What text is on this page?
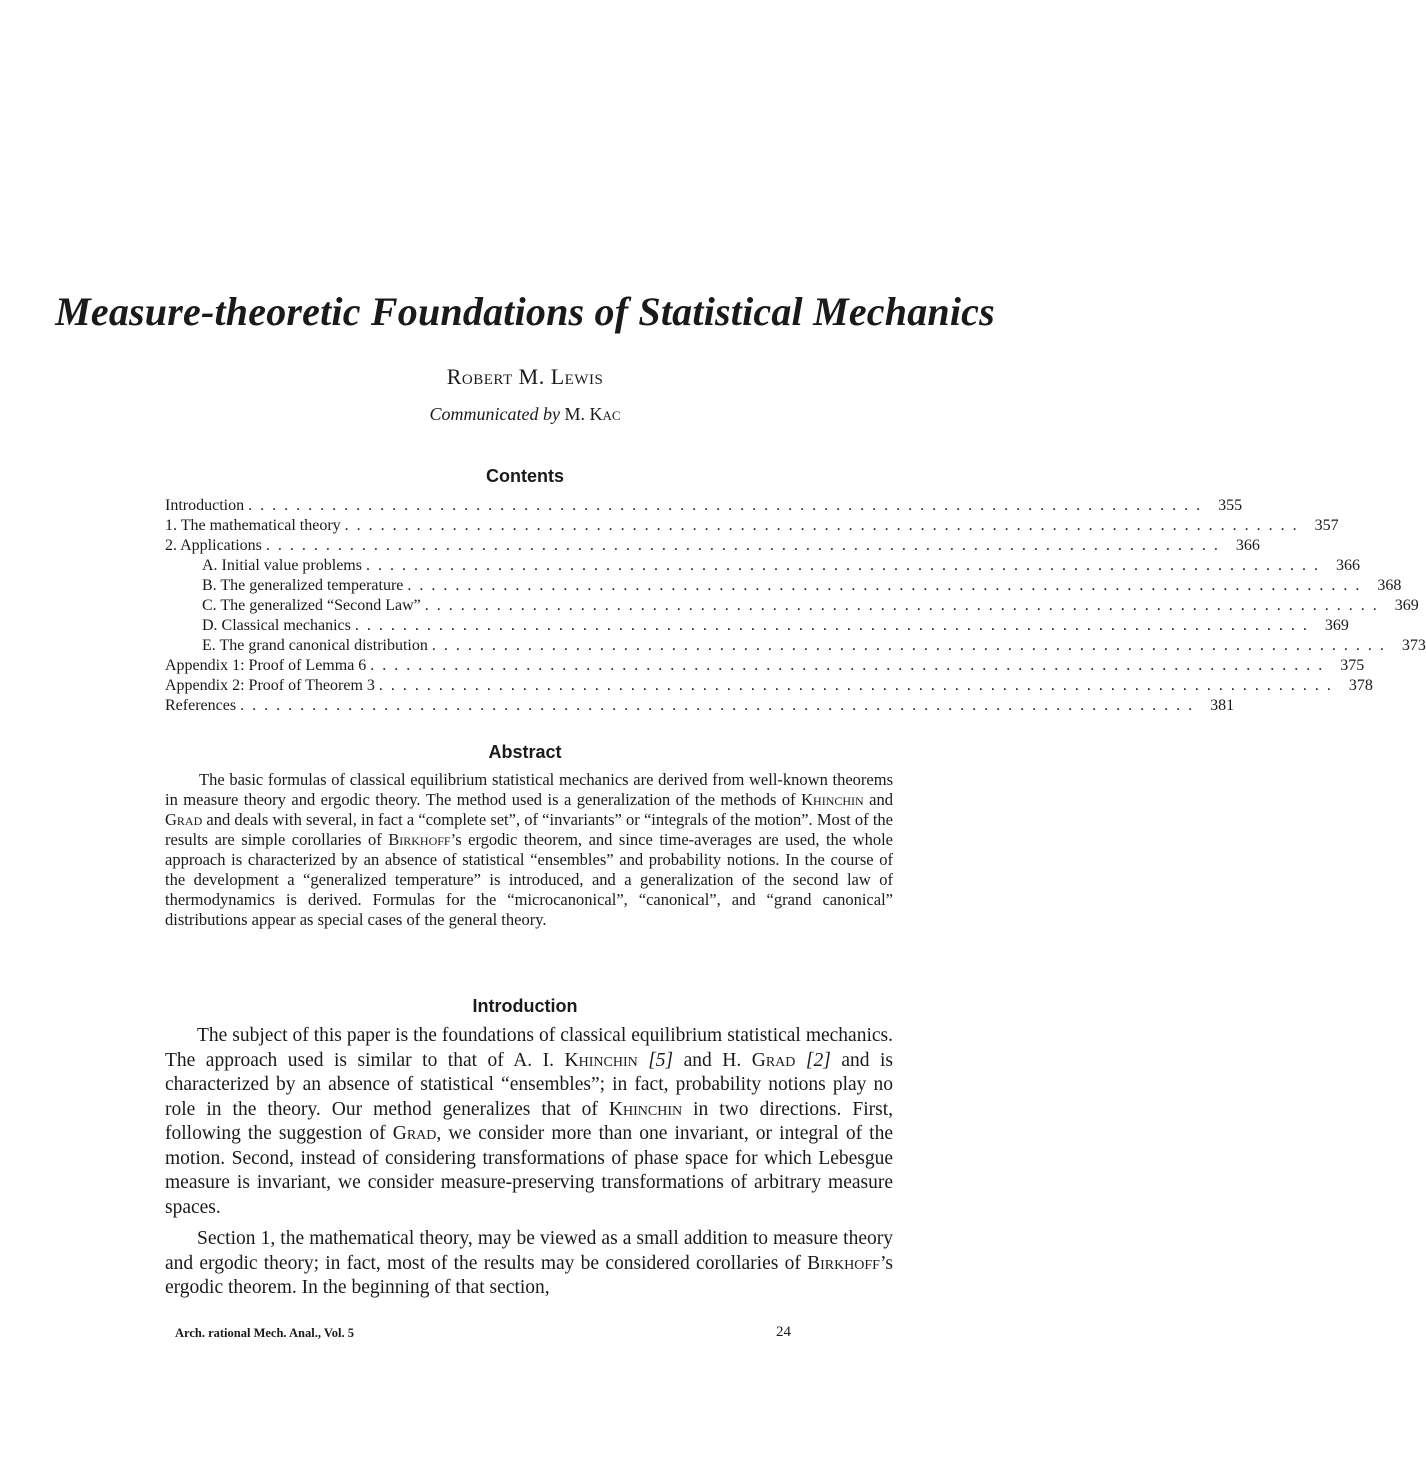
Measure-theoretic Foundations of Statistical Mechanics
Robert M. Lewis
Communicated by M. Kac
Contents
Introduction ................................................................................ 355
1. The mathematical theory ................................................................................ 357
2. Applications ................................................................................ 366
A. Initial value problems ................................................................................ 366
B. The generalized temperature ................................................................................ 368
C. The generalized “Second Law” ................................................................................ 369
D. Classical mechanics ................................................................................ 369
E. The grand canonical distribution ................................................................................ 373
Appendix 1: Proof of Lemma 6 ................................................................................ 375
Appendix 2: Proof of Theorem 3 ................................................................................ 378
References ................................................................................ 381
Abstract

The basic formulas of classical equilibrium statistical mechanics are derived from well-known theorems in measure theory and ergodic theory. The method used is a generalization of the methods of Khinchin and Grad and deals with several, in fact a “complete set”, of “invariants” or “integrals of the motion”. Most of the results are simple corollaries of Birkhoff’s ergodic theorem, and since time-averages are used, the whole approach is characterized by an absence of statistical “ensembles” and probability notions. In the course of the development a “generalized temperature” is introduced, and a generalization of the second law of thermodynamics is derived. Formulas for the “microcanonical”, “canonical”, and “grand canonical” distributions appear as special cases of the general theory.

Introduction

The subject of this paper is the foundations of classical equilibrium statistical mechanics. The approach used is similar to that of A. I. Khinchin [5] and H. Grad [2] and is characterized by an absence of statistical “ensembles”; in fact, probability notions play no role in the theory. Our method generalizes that of Khinchin in two directions. First, following the suggestion of Grad, we consider more than one invariant, or integral of the motion. Second, instead of considering transformations of phase space for which Lebesgue measure is invariant, we consider measure-preserving transformations of arbitrary measure spaces.

Section 1, the mathematical theory, may be viewed as a small addition to measure theory and ergodic theory; in fact, most of the results may be considered corollaries of Birkhoff’s ergodic theorem. In the beginning of that section,

Arch. rational Mech. Anal., Vol. 5	24
